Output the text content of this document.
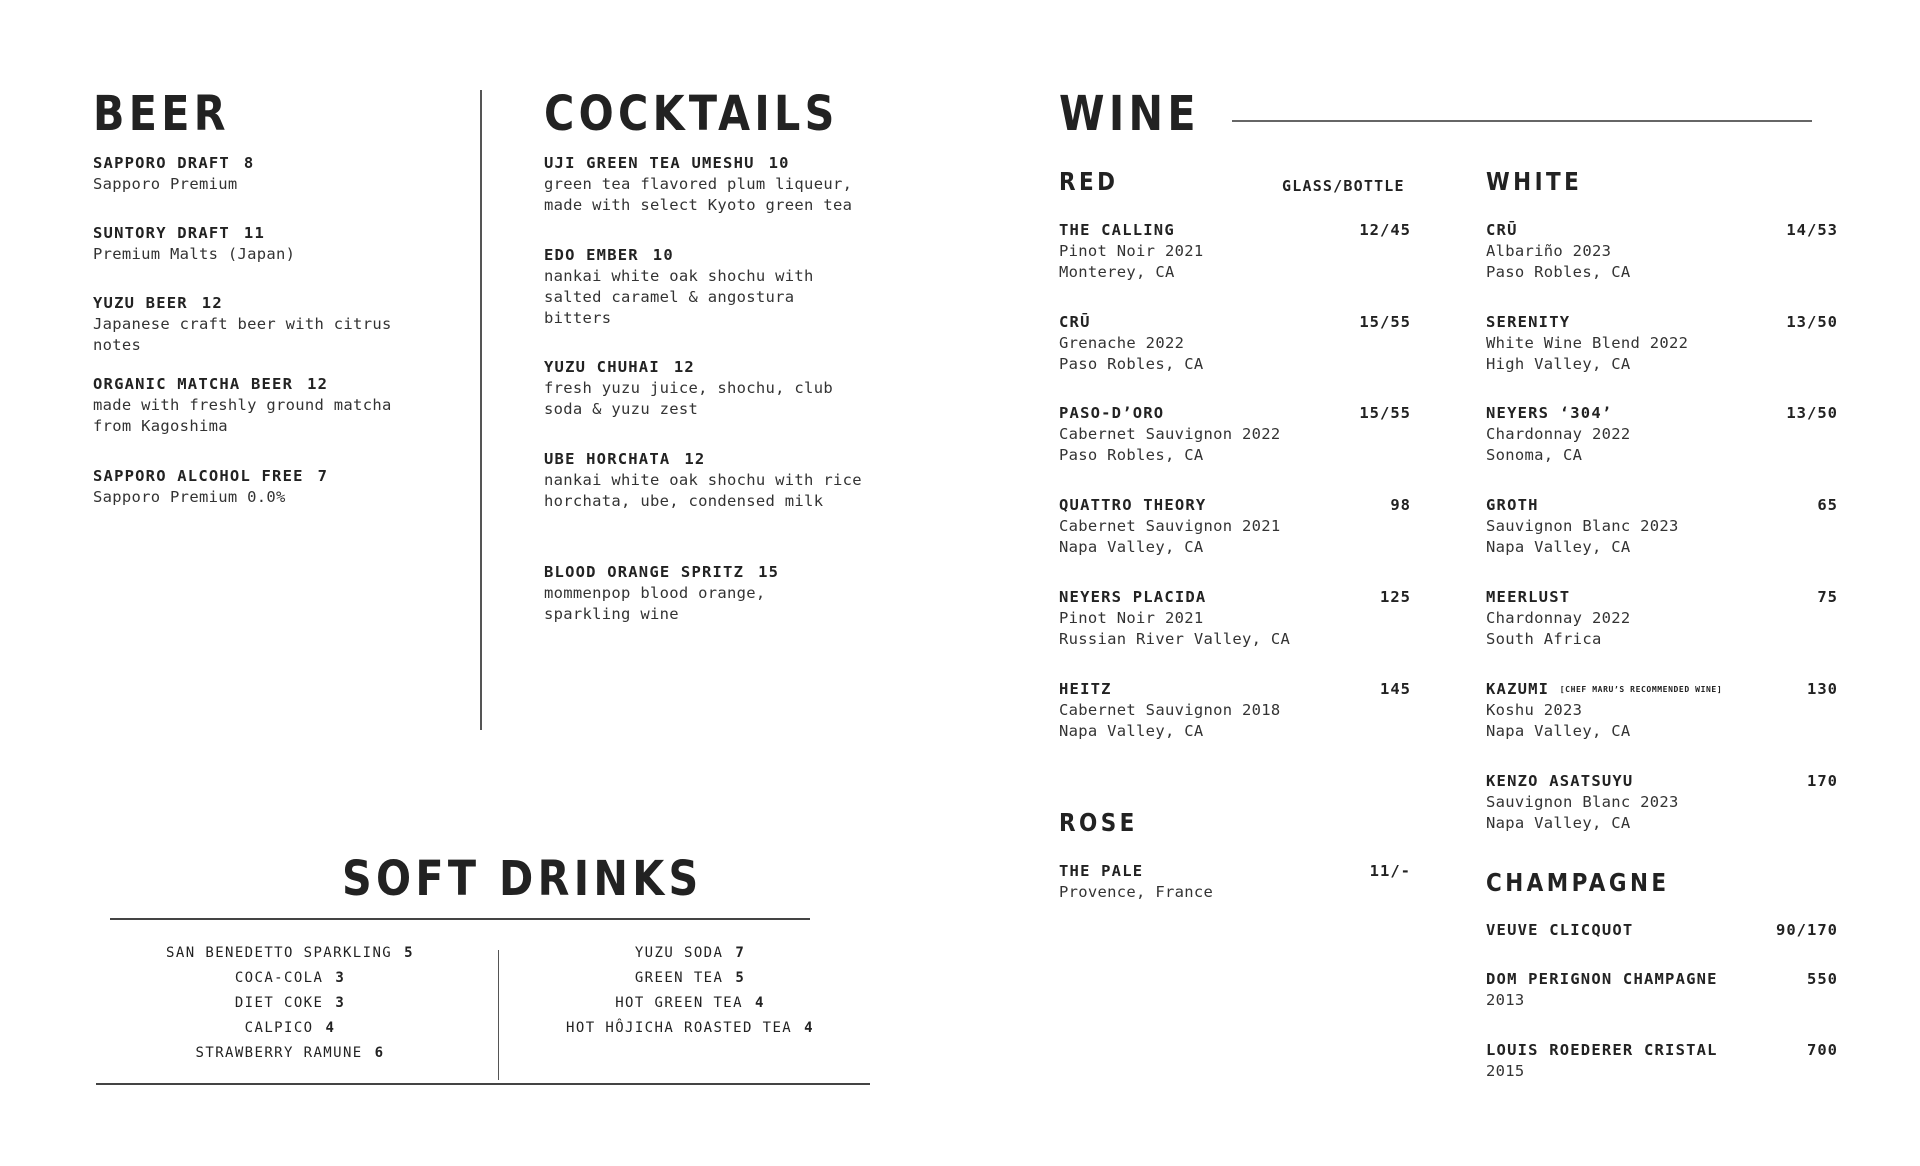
BEER
SAPPORO DRAFT 8
Sapporo Premium
SUNTORY DRAFT 11
Premium Malts (Japan)
YUZU BEER 12
Japanese craft beer with citrus notes
ORGANIC MATCHA BEER 12
made with freshly ground matcha from Kagoshima
SAPPORO ALCOHOL FREE 7
Sapporo Premium 0.0%
COCKTAILS
UJI GREEN TEA UMESHU 10
green tea flavored plum liqueur, made with select Kyoto green tea
EDO EMBER 10
nankai white oak shochu with salted caramel & angostura bitters
YUZU CHUHAI 12
fresh yuzu juice, shochu, club soda & yuzu zest
UBE HORCHATA 12
nankai white oak shochu with rice horchata, ube, condensed milk
BLOOD ORANGE SPRITZ 15
mommenpop blood orange, sparkling wine
SOFT DRINKS
SAN BENEDETTO SPARKLING 5
COCA-COLA 3
DIET COKE 3
CALPICO 4
STRAWBERRY RAMUNE 6
YUZU SODA 7
GREEN TEA 5
HOT GREEN TEA 4
HOT HÔJICHA ROASTED TEA 4
WINE
RED	GLASS/BOTTLE
THE CALLING	12/45
Pinot Noir 2021
Monterey, CA
CRŪ	15/55
Grenache 2022
Paso Robles, CA
PASO-D’ORO	15/55
Cabernet Sauvignon 2022
Paso Robles, CA
QUATTRO THEORY	98
Cabernet Sauvignon 2021
Napa Valley, CA
NEYERS PLACIDA	125
Pinot Noir 2021
Russian River Valley, CA
HEITZ	145
Cabernet Sauvignon 2018
Napa Valley, CA
ROSE
THE PALE	11/-
Provence, France
WHITE
CRŪ	14/53
Albariño 2023
Paso Robles, CA
SERENITY	13/50
White Wine Blend 2022
High Valley, CA
NEYERS ‘304’	13/50
Chardonnay 2022
Sonoma, CA
GROTH	65
Sauvignon Blanc 2023
Napa Valley, CA
MEERLUST	75
Chardonnay 2022
South Africa
KAZUMI [CHEF MARU’S RECOMMENDED WINE]	130
Koshu 2023
Napa Valley, CA
KENZO ASATSUYU	170
Sauvignon Blanc 2023
Napa Valley, CA
CHAMPAGNE
VEUVE CLICQUOT	90/170
DOM PERIGNON CHAMPAGNE	550
2013
LOUIS ROEDERER CRISTAL	700
2015
